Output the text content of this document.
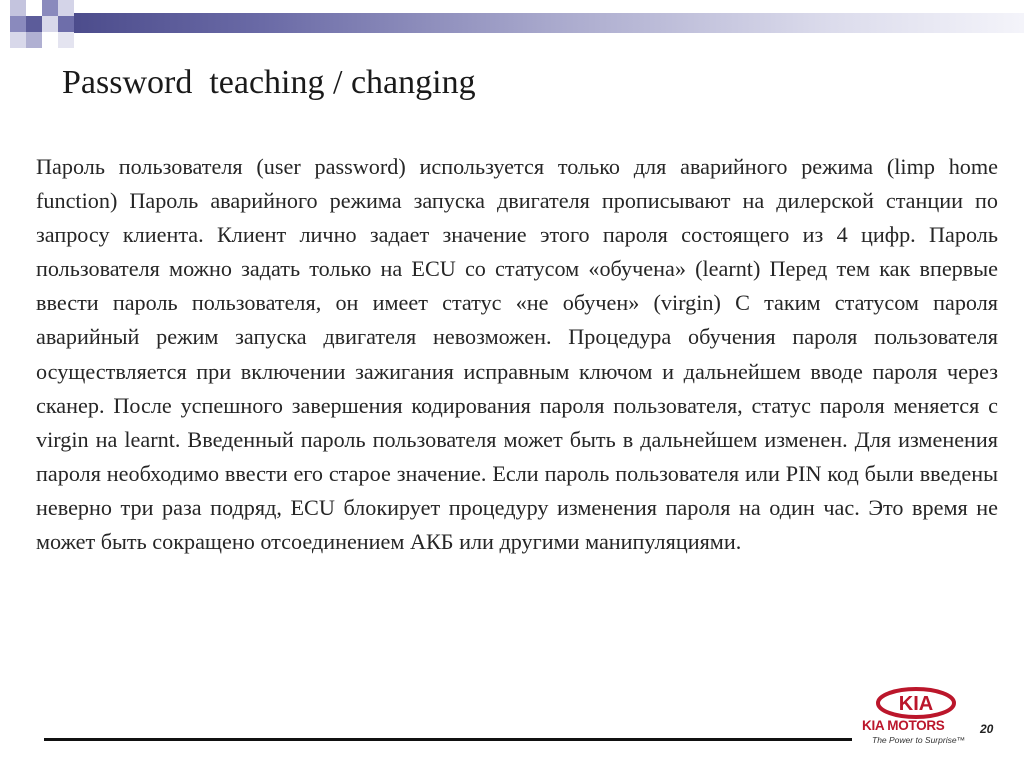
Password  teaching / changing

Пароль пользователя (user password) используется только для аварийного режима (limp home function) Пароль аварийного режима запуска двигателя прописывают на дилерской станции по запросу клиента. Клиент лично задает значение этого пароля состоящего из 4 цифр. Пароль пользователя можно задать только на ECU со статусом «обучена» (learnt) Перед тем как впервые ввести пароль пользователя, он имеет статус «не обучен» (virgin) С таким статусом пароля аварийный режим запуска двигателя невозможен. Процедура обучения пароля пользователя осуществляется при включении зажигания исправным ключом и дальнейшем вводе пароля через сканер. После успешного завершения кодирования пароля пользователя, статус пароля меняется с virgin на learnt. Введенный пароль пользователя может быть в дальнейшем изменен. Для изменения пароля необходимо ввести его старое значение. Если пароль пользователя или PIN код были введены неверно три раза подряд, ECU блокирует процедуру изменения пароля на один час. Это время не может быть сокращено отсоединением АКБ или другими манипуляциями.

KIA
KIA MOTORS
The Power to Surprise™
20
